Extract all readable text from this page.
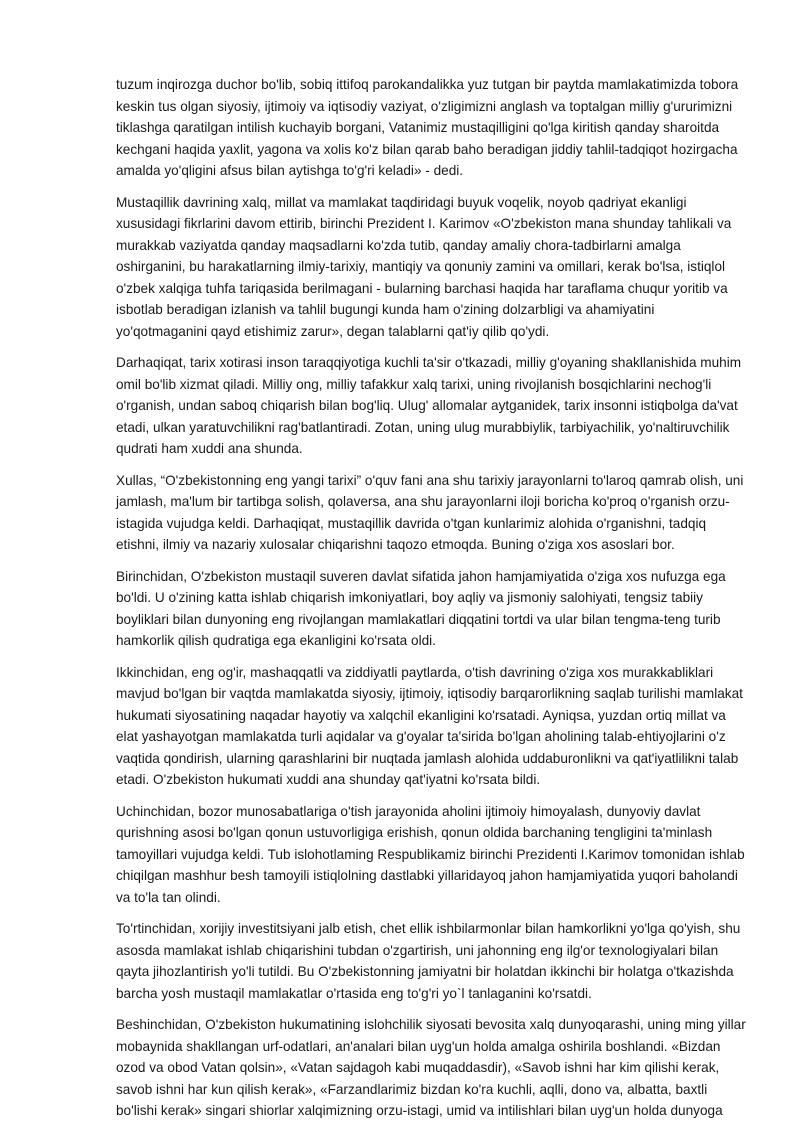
tuzum inqirozga duchor bo'lib, sobiq ittifoq parokandalikka yuz tutgan bir paytda mamlakatimizda tobora keskin tus olgan siyosiy, ijtimoiy va iqtisodiy vaziyat, o'zligimizni anglash va toptalgan milliy g'ururimizni tiklashga qaratilgan intilish kuchayib borgani, Vatanimiz mustaqilligini qo'lga kiritish qanday sharoitda kechgani haqida yaxlit, yagona va xolis ko'z bilan qarab baho beradigan jiddiy tahlil-tadqiqot hozirgacha amalda yo'qligini afsus bilan aytishga to'g'ri keladi» - dedi.

Mustaqillik davrining xalq, millat va mamlakat taqdiridagi buyuk voqelik, noyob qadriyat ekanligi xususidagi fikrlarini davom ettirib, birinchi Prezident I. Karimov «O'zbekiston mana shunday tahlikali va murakkab vaziyatda qanday maqsadlarni ko'zda tutib, qanday amaliy chora-tadbirlarni amalga oshirganini, bu harakatlarning ilmiy-tarixiy, mantiqiy va qonuniy zamini va omillari, kerak bo'lsa, istiqlol o'zbek xalqiga tuhfa tariqasida berilmagani - bularning barchasi haqida har taraflama chuqur yoritib va isbotlab beradigan izlanish va tahlil bugungi kunda ham o'zining dolzarbligi va ahamiyatini yo'qotmaganini qayd etishimiz zarur», degan talablarni qat'iy qilib qo'ydi.

Darhaqiqat, tarix xotirasi inson taraqqiyotiga kuchli ta'sir o'tkazadi, milliy g'oyaning shakllanishida muhim omil bo'lib xizmat qiladi. Milliy ong, milliy tafakkur xalq tarixi, uning rivojlanish bosqichlarini nechog'li o'rganish, undan saboq chiqarish bilan bog'liq. Ulug' allomalar aytganidek, tarix insonni istiqbolga da'vat etadi, ulkan yaratuvchilikni rag'batlantiradi. Zotan, uning ulug murabbiylik, tarbiyachilik, yo'naltiruvchilik qudrati ham xuddi ana shunda.

Xullas, “O'zbekistonning eng yangi tarixi” o'quv fani ana shu tarixiy jarayonlarni to'laroq qamrab olish, uni jamlash, ma'lum bir tartibga solish, qolaversa, ana shu jarayonlarni iloji boricha ko'proq o'rganish orzu-istagida vujudga keldi. Darhaqiqat, mustaqillik davrida o'tgan kunlarimiz alohida o'rganishni, tadqiq etishni, ilmiy va nazariy xulosalar chiqarishni taqozo etmoqda. Buning o'ziga xos asoslari bor.

Birinchidan, O'zbekiston mustaqil suveren davlat sifatida jahon hamjamiyatida o'ziga xos nufuzga ega bo'ldi. U o'zining katta ishlab chiqarish imkoniyatlari, boy aqliy va jismoniy salohiyati, tengsiz tabiiy boyliklari bilan dunyoning eng rivojlangan mamlakatlari diqqatini tortdi va ular bilan tengma-teng turib hamkorlik qilish qudratiga ega ekanligini ko'rsata oldi.

Ikkinchidan, eng og'ir, mashaqqatli va ziddiyatli paytlarda, o'tish davrining o'ziga xos murakkabliklari mavjud bo'lgan bir vaqtda mamlakatda siyosiy, ijtimoiy, iqtisodiy barqarorlikning saqlab turilishi mamlakat hukumati siyosatining naqadar hayotiy va xalqchil ekanligini ko'rsatadi. Ayniqsa, yuzdan ortiq millat va elat yashayotgan mamlakatda turli aqidalar va g'oyalar ta'sirida bo'lgan aholining talab-ehtiyojlarini o'z vaqtida qondirish, ularning qarashlarini bir nuqtada jamlash alohida uddaburonlikni va qat'iyatlilikni talab etadi. O'zbekiston hukumati xuddi ana shunday qat'iyatni ko'rsata bildi.

Uchinchidan, bozor munosabatlariga o'tish jarayonida aholini ijtimoiy himoyalash, dunyoviy davlat qurishning asosi bo'lgan qonun ustuvorligiga erishish, qonun oldida barchaning tengligini ta'minlash tamoyillari vujudga keldi. Tub islohotlaming Respublikamiz birinchi Prezidenti I.Karimov tomonidan ishlab chiqilgan mashhur besh tamoyili istiqlolning dastlabki yillaridayoq jahon hamjamiyatida yuqori baholandi va to'la tan olindi.

To'rtinchidan, xorijiy investitsiyani jalb etish, chet ellik ishbilarmonlar bilan hamkorlikni yo'lga qo'yish, shu asosda mamlakat ishlab chiqarishini tubdan o'zgartirish, uni jahonning eng ilg'or texnologiyalari bilan qayta jihozlantirish yo'li tutildi. Bu O'zbekistonning jamiyatni bir holatdan ikkinchi bir holatga o'tkazishda barcha yosh mustaqil mamlakatlar o'rtasida eng to'g'ri yo`l tanlaganini ko'rsatdi.

Beshinchidan, O'zbekiston hukumatining islohchilik siyosati bevosita xalq dunyoqarashi, uning ming yillar mobaynida shakllangan urf-odatlari, an'analari bilan uyg'un holda amalga oshirila boshlandi. «Bizdan ozod va obod Vatan qolsin», «Vatan sajdagoh kabi muqaddasdir), «Savob ishni har kim qilishi kerak, savob ishni har kun qilish kerak», «Farzandlarimiz bizdan ko'ra kuchli, aqlli, dono va, albatta, baxtli bo'lishi kerak» singari shiorlar xalqimizning orzu-istagi, umid va intilishlari bilan uyg'un holda dunyoga
